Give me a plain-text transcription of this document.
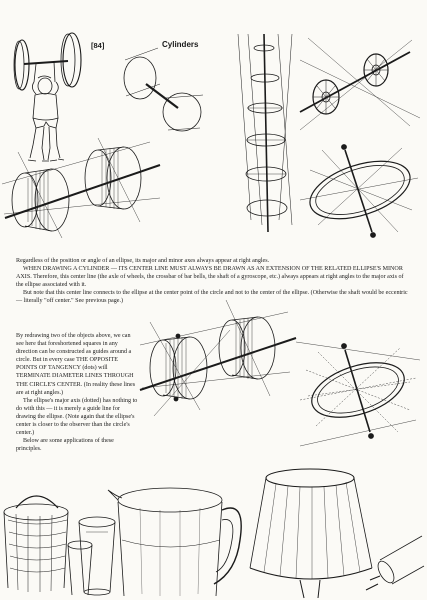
[84]	Cylinders

Regardless of the position or angle of an ellipse, its major and minor axes always appear at right angles.

WHEN DRAWING A CYLINDER — ITS CENTER LINE MUST ALWAYS BE DRAWN AS AN EXTENSION OF THE RELATED ELLIPSE'S MINOR AXIS. Therefore, this center line (the axle of wheels, the crossbar of bar bells, the shaft of a gyroscope, etc.) always appears at right angles to the major axis of the ellipse associated with it.

But note that this center line connects to the ellipse at the center point of the circle and not to the center of the ellipse. (Otherwise the shaft would be eccentric — literally "off center." See previous page.)

By redrawing two of the objects above, we can see here that foreshortened squares in any direction can be constructed as guides around a circle. But in every case THE OPPOSITE POINTS OF TANGENCY (dots) will TERMINATE DIAMETER LINES THROUGH THE CIRCLE'S CENTER. (In reality these lines are at right angles.)

The ellipse's major axis (dotted) has nothing to do with this — it is merely a guide line for drawing the ellipse. (Note again that the ellipse's center is closer to the observer than the circle's center.)

Below are some applications of these principles.
